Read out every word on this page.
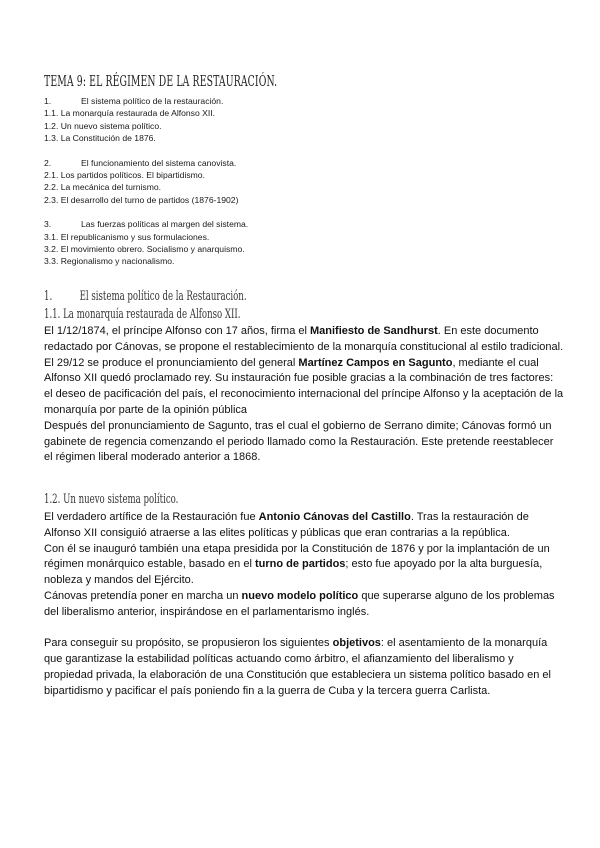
TEMA 9: EL RÉGIMEN DE LA RESTAURACIÓN.
1.	El sistema político de la restauración.
1.1. La monarquía restaurada de Alfonso XII.
1.2. Un nuevo sistema político.
1.3. La Constitución de 1876.
2.	El funcionamiento del sistema canovista.
2.1. Los partidos políticos. El bipartidismo.
2.2. La mecánica del turnismo.
2.3. El desarrollo del turno de partidos (1876-1902)
3.	Las fuerzas políticas al margen del sistema.
3.1. El republicanismo y sus formulaciones.
3.2. El movimiento obrero. Socialismo y anarquismo.
3.3. Regionalismo y nacionalismo.
1. El sistema político de la Restauración.
1.1. La monarquía restaurada de Alfonso XII.

El 1/12/1874, el príncipe Alfonso con 17 años, firma el Manifiesto de Sandhurst. En este documento redactado por Cánovas, se propone el restablecimiento de la monarquía constitucional al estilo tradicional.

El 29/12 se produce el pronunciamiento del general Martínez Campos en Sagunto, mediante el cual Alfonso XII quedó proclamado rey. Su instauración fue posible gracias a la combinación de tres factores: el deseo de pacificación del país, el reconocimiento internacional del príncipe Alfonso y la aceptación de la monarquía por parte de la opinión pública

Después del pronunciamiento de Sagunto, tras el cual el gobierno de Serrano dimite; Cánovas formó un gabinete de regencia comenzando el periodo llamado como la Restauración. Este pretende reestablecer el régimen liberal moderado anterior a 1868.

1.2. Un nuevo sistema político.

El verdadero artífice de la Restauración fue Antonio Cánovas del Castillo. Tras la restauración de Alfonso XII consiguió atraerse a las elites políticas y públicas que eran contrarias a la república.

Con él se inauguró también una etapa presidida por la Constitución de 1876 y por la implantación de un régimen monárquico estable, basado en el turno de partidos; esto fue apoyado por la alta burguesía, nobleza y mandos del Ejército.

Cánovas pretendía poner en marcha un nuevo modelo político que superarse alguno de los problemas del liberalismo anterior, inspirándose en el parlamentarismo inglés.

Para conseguir su propósito, se propusieron los siguientes objetivos: el asentamiento de la monarquía que garantizase la estabilidad políticas actuando como árbitro, el afianzamiento del liberalismo y propiedad privada, la elaboración de una Constitución que estableciera un sistema político basado en el bipartidismo y pacificar el país poniendo fin a la guerra de Cuba y la tercera guerra Carlista.
